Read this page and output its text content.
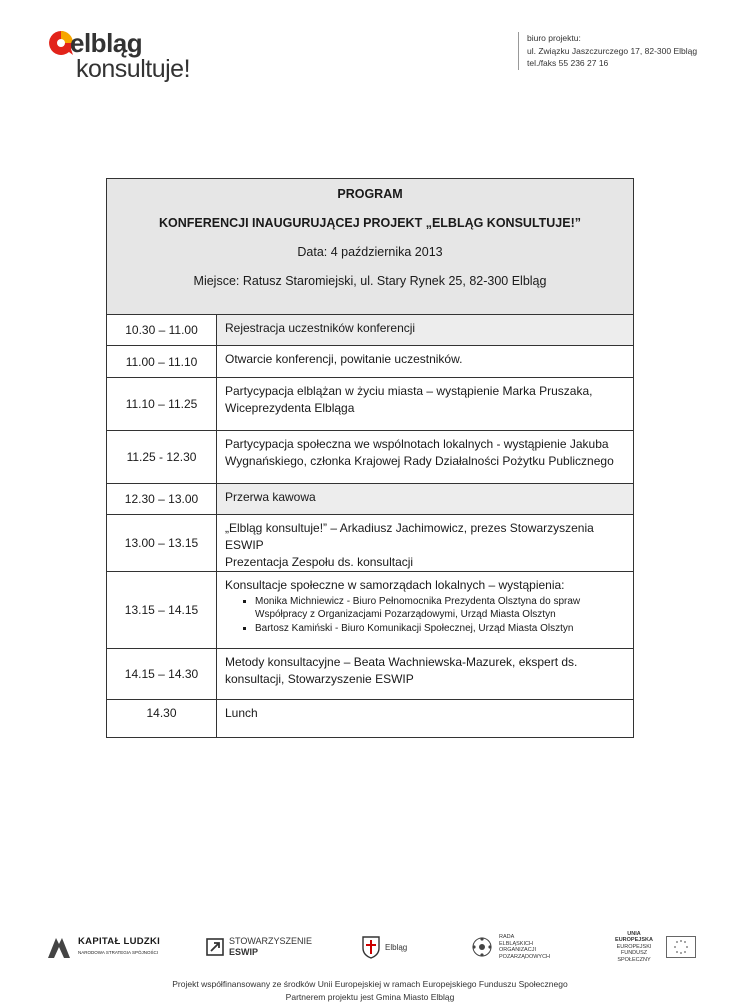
elbląg
konsultuje!
biuro projektu:
ul. Związku Jaszczurczego 17, 82-300 Elbląg
tel./faks 55 236 27 16
PROGRAM
KONFERENCJI INAUGURUJĄCEJ PROJEKT „ELBLĄG KONSULTUJE!”
Data: 4 października 2013
Miejsce: Ratusz Staromiejski, ul. Stary Rynek 25, 82-300 Elbląg
10.30 – 11.00	Rejestracja uczestników konferencji
11.00 – 11.10	Otwarcie konferencji, powitanie uczestników.
11.10 – 11.25
Partycypacja elblążan w życiu miasta – wystąpienie Marka Pruszaka,
Wiceprezydenta Elbląga
11.25 - 12.30
Partycypacja społeczna we wspólnotach lokalnych - wystąpienie Jakuba
Wygnańskiego, członka Krajowej Rady Działalności Pożytku Publicznego
12.30 – 13.00	Przerwa kawowa
13.00 – 13.15
„Elbląg konsultuje!” – Arkadiusz Jachimowicz, prezes Stowarzyszenia ESWIP
Prezentacja Zespołu ds. konsultacji
13.15 – 14.15
Konsultacje społeczne w samorządach lokalnych – wystąpienia:
▪ Monika Michniewicz - Biuro Pełnomocnika Prezydenta Olsztyna do spraw Współpracy z Organizacjami Pozarządowymi, Urząd Miasta Olsztyn
▪ Bartosz Kamiński - Biuro Komunikacji Społecznej, Urząd Miasta Olsztyn
14.15 – 14.30
Metody konsultacyjne – Beata Wachniewska-Mazurek, ekspert ds.
konsultacji, Stowarzyszenie ESWIP
14.30	Lunch
KAPITAŁ LUDZKI
NARODOWA STRATEGIA SPÓJNOŚCI
STOWARZYSZENIE
ESWIP	Elbląg
RADA
ELBLĄSKICH
ORGANIZACJI
POZARZĄDOWYCH
UNIA EUROPEJSKA
EUROPEJSKI
FUNDUSZ SPOŁECZNY
Projekt współfinansowany ze środków Unii Europejskiej w ramach Europejskiego Funduszu Społecznego
Partnerem projektu jest Gmina Miasto Elbląg
